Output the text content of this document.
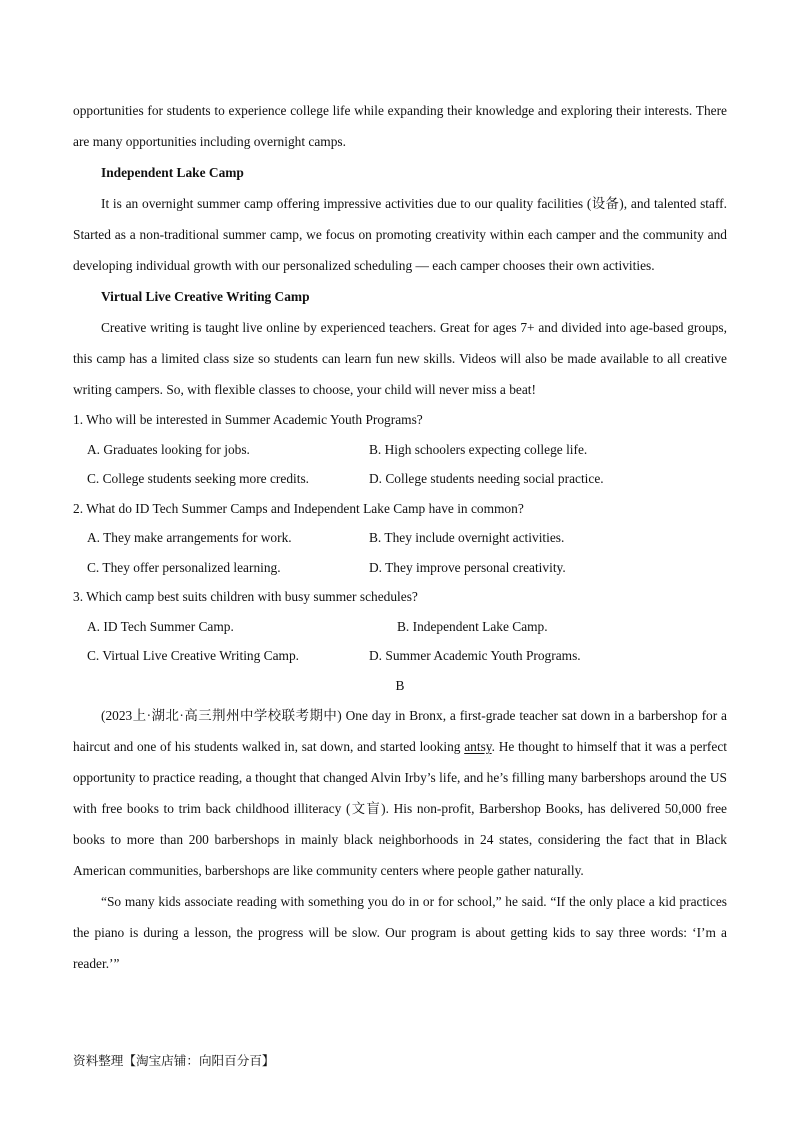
opportunities for students to experience college life while expanding their knowledge and exploring their interests. There are many opportunities including overnight camps.

Independent Lake Camp

It is an overnight summer camp offering impressive activities due to our quality facilities (设备), and talented staff. Started as a non-traditional summer camp, we focus on promoting creativity within each camper and the community and developing individual growth with our personalized scheduling — each camper chooses their own activities.

Virtual Live Creative Writing Camp

Creative writing is taught live online by experienced teachers. Great for ages 7+ and divided into age-based groups, this camp has a limited class size so students can learn fun new skills. Videos will also be made available to all creative writing campers. So, with flexible classes to choose, your child will never miss a beat!

1. Who will be interested in Summer Academic Youth Programs?
A. Graduates looking for jobs.	B. High schoolers expecting college life.
C. College students seeking more credits.	D. College students needing social practice.
2. What do ID Tech Summer Camps and Independent Lake Camp have in common?
A. They make arrangements for work.	B. They include overnight activities.
C. They offer personalized learning.	D. They improve personal creativity.
3. Which camp best suits children with busy summer schedules?
A. ID Tech Summer Camp.	B. Independent Lake Camp.
C. Virtual Live Creative Writing Camp.	D. Summer Academic Youth Programs.
B

(2023上·湖北·高三荆州中学校联考期中) One day in Bronx, a first-grade teacher sat down in a barbershop for a haircut and one of his students walked in, sat down, and started looking antsy. He thought to himself that it was a perfect opportunity to practice reading, a thought that changed Alvin Irby’s life, and he’s filling many barbershops around the US with free books to trim back childhood illiteracy (文盲). His non-profit, Barbershop Books, has delivered 50,000 free books to more than 200 barbershops in mainly black neighborhoods in 24 states, considering the fact that in Black American communities, barbershops are like community centers where people gather naturally.

“So many kids associate reading with something you do in or for school,” he said. “If the only place a kid practices the piano is during a lesson, the progress will be slow. Our program is about getting kids to say three words: ‘I’m a reader.’”

资料整理【淘宝店铺：向阳百分百】
